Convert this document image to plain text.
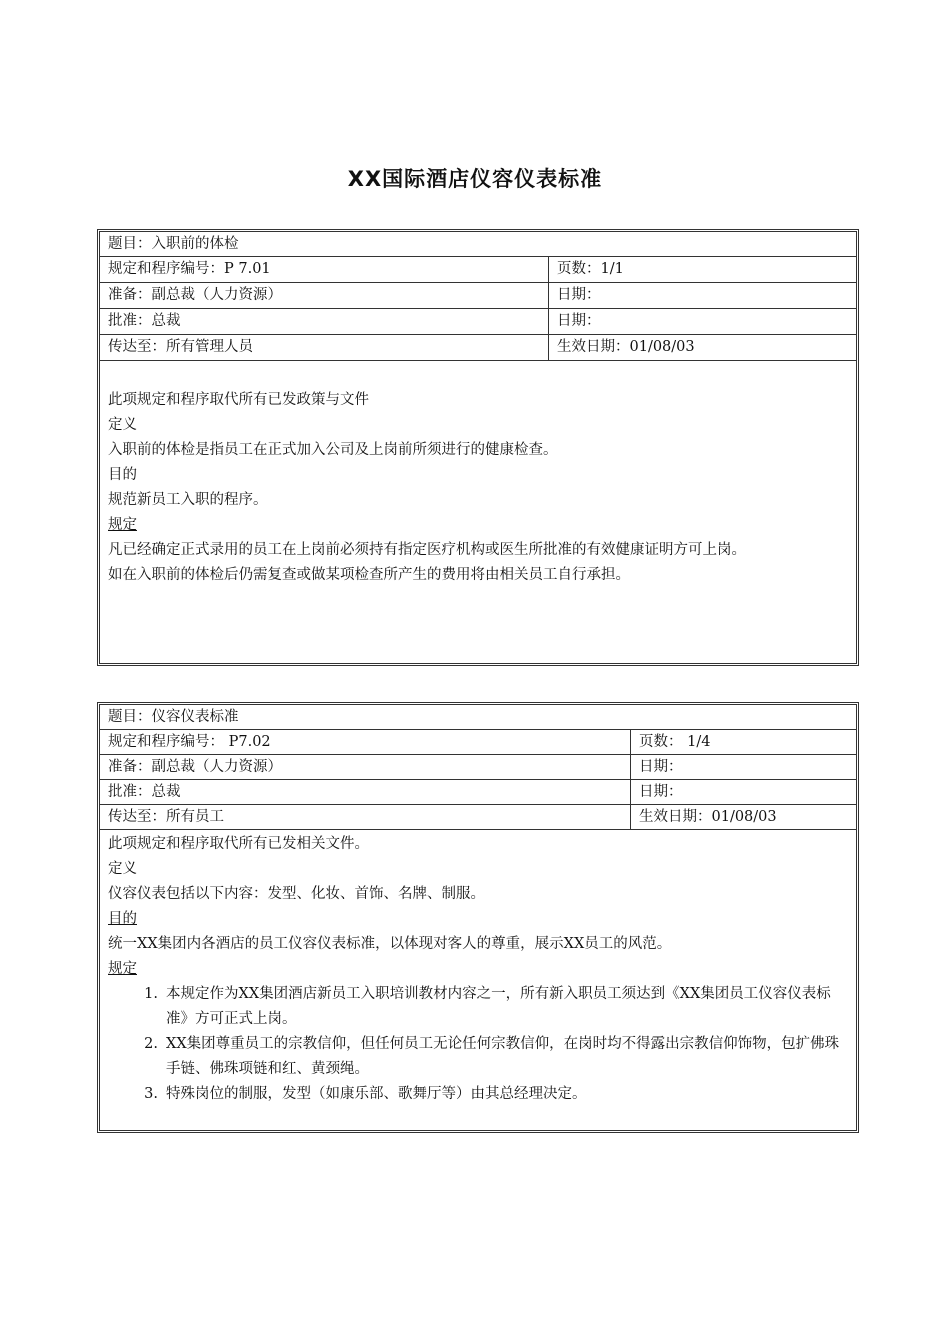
XX国际酒店仪容仪表标准
题目：入职前的体检
规定和程序编号：P 7.01	页数：1/1
准备：副总裁（人力资源）	日期：
批准：总裁	日期：
传达至：所有管理人员	生效日期：01/08/03
此项规定和程序取代所有已发政策与文件
定义
入职前的体检是指员工在正式加入公司及上岗前所须进行的健康检查。
目的
规范新员工入职的程序。
规定
凡已经确定正式录用的员工在上岗前必须持有指定医疗机构或医生所批准的有效健康证明方可上岗。
如在入职前的体检后仍需复查或做某项检查所产生的费用将由相关员工自行承担。
题目：仪容仪表标准
规定和程序编号： P7.02	页数： 1/4
准备：副总裁（人力资源）	日期：
批准：总裁	日期：
传达至：所有员工	生效日期：01/08/03
此项规定和程序取代所有已发相关文件。
定义
仪容仪表包括以下内容：发型、化妆、首饰、名牌、制服。
目的
统一XX集团内各酒店的员工仪容仪表标准，以体现对客人的尊重，展示XX员工的风范。
规定
1. 本规定作为XX集团酒店新员工入职培训教材内容之一，所有新入职员工须达到《XX集团员工仪容仪表标准》方可正式上岗。
2. XX集团尊重员工的宗教信仰，但任何员工无论任何宗教信仰，在岗时均不得露出宗教信仰饰物，包扩佛珠手链、佛珠项链和红、黄颈绳。
3. 特殊岗位的制服，发型（如康乐部、歌舞厅等）由其总经理决定。
